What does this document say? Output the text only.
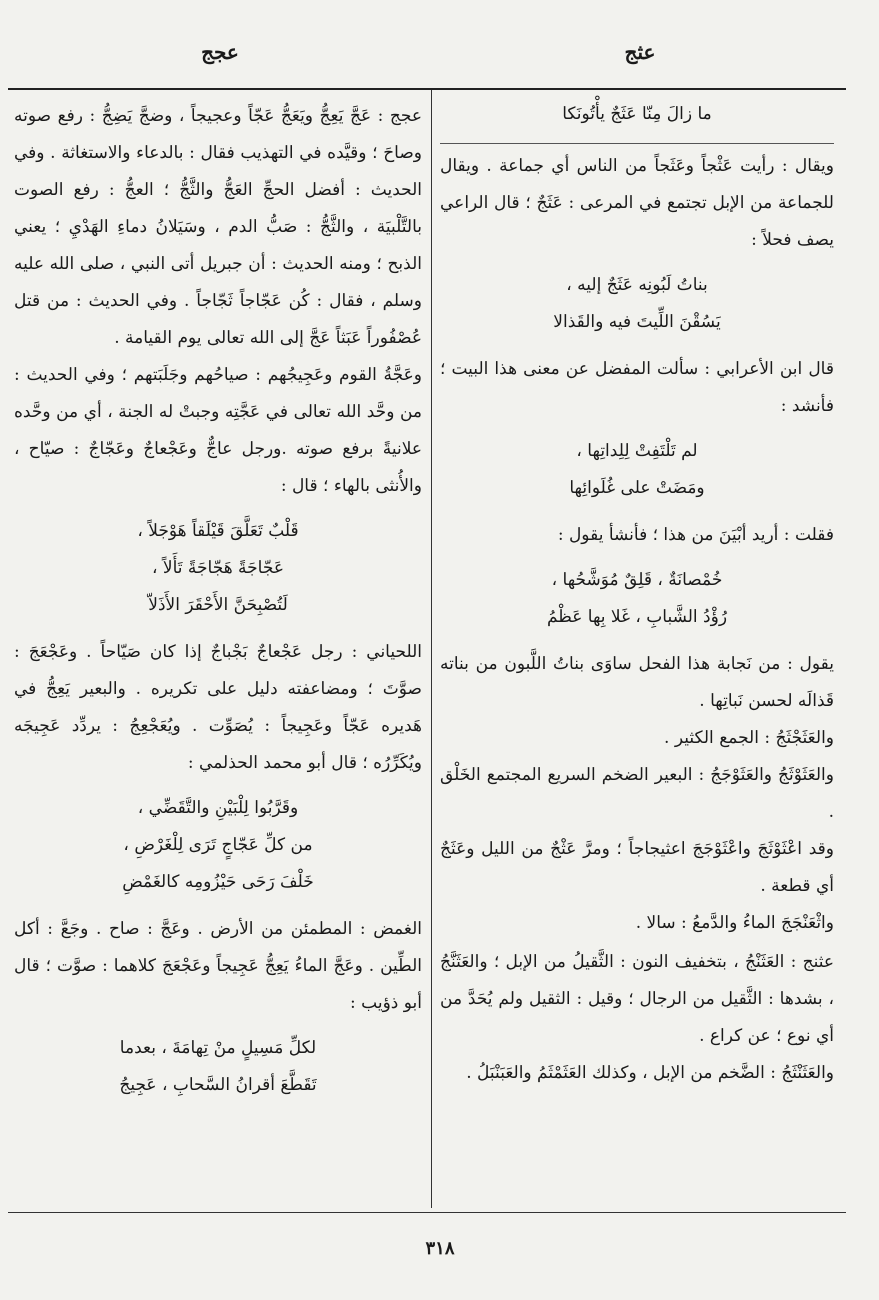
عثج
عجج
ما زالَ مِنّا عَثَجٌ يأْتُونَكا

ويقال : رأيت عَثْجاً وعَثَجاً من الناس أي جماعة . ويقال للجماعة من الإبل تجتمع في المرعى : عَثَجٌ ؛ قال الراعي يصف فحلاً :

بناتُ لَبُونِه عَثَجٌ إليه ،
يَسُقْنَ اللِّيتَ فيه والقَذالا

قال ابن الأعرابي : سألت المفضل عن معنى هذا البيت ؛ فأنشد :

لم تَلْتَفِتْ لِلِداتِها ،
ومَضَتْ على غُلَوائِها

فقلت : أريد أبْيَنَ من هذا ؛ فأنشأ يقول :

خُمْصانَةٌ ، قَلِقٌ مُوَشَّحُها ،
رُؤْدُ الشَّبابِ ، غَلا بِها عَظْمُ

يقول : من نَجابة هذا الفحل ساوَى بناتُ اللَّبون من بناته قَذالَه لحسن نَباتِها .

والعَثَجْثَجُ : الجمع الكثير .

والعَثَوْثَجُ والعَثَوْجَجُ : البعير الضخم السريع المجتمع الخَلْق .

وقد اعْثَوْثَجَ واعْثَوْجَجَ اعثيجاجاً ؛ ومرَّ عَثْجٌ من الليل وعَثَجٌ أي قطعة .

واثْعَنْجَجَ الماءُ والدَّمعُ : سالا .

عثنج : العَثَنْجُ ، بتخفيف النون : الثَّقيلُ من الإبل ؛ والعَثَنَّجُ ، بشدها : الثَّقيل من الرجال ؛ وقيل : الثقيل ولم يُحَدَّ من أي نوع ؛ عن كراع .

والعَثَنْثَجُ : الضَّخم من الإبل ، وكذلك العَثَمْثَمُ والعَبَنْبَلُ .

عجج : عَجَّ يَعِجُّ ويَعَجُّ عَجّاً وعجيجاً ، وضجَّ يَضِجُّ : رفع صوته وصاحَ ؛ وقيَّده في التهذيب فقال : بالدعاء والاستغاثة . وفي الحديث : أفضل الحجِّ العَجُّ والثَّجُّ ؛ العجُّ : رفع الصوت بالتَّلْبيَة ، والثَّجُّ : صَبُّ الدم ، وسَيَلانُ دماءِ الهَدْيِ ؛ يعني الذبح ؛ ومنه الحديث : أن جبريل أتى النبي ، صلى الله عليه وسلم ، فقال : كُن عَجّاجاً ثَجّاجاً . وفي الحديث : من قتل عُصْفُوراً عَبَثاً عَجَّ إلى الله تعالى يوم القيامة .

وعَجَّةُ القوم وعَجِيجُهم : صياحُهم وجَلَبَتهم ؛ وفي الحديث : من وحَّد الله تعالى في عَجَّتِه وجبتْ له الجنة ، أي من وحَّده علانيةً برفع صوته .ورجل عاجٌّ وعَجْعاجٌ وعَجّاجٌ : صيّاح ، والأُنثى بالهاء ؛ قال :

قَلْبٌ تَعَلَّقَ قَيْلَقاً هَوْجَلاً ،
عَجّاجَةً هَجّاجَةً تَأَلاً ،
لَتُصْبِحَنَّ الأَحْقَرَ الأَذَلاّ

اللحياني : رجل عَجْعاجٌ بَجْباجٌ إذا كان صَيّاحاً . وعَجْعَجَ : صوَّتَ ؛ ومضاعفته دليل على تكريره . والبعير يَعِجُّ في هَديره عَجّاً وعَجِيجاً : يُصَوِّت . ويُعَجْعِجُ : يردِّد عَجِيجَه ويُكَرِّرُه ؛ قال أبو محمد الحذلمي :

وقَرَّبُوا لِلْبَيْنِ والتَّقَضِّي ،
من كلِّ عَجّاجٍ تَرَى لِلْغَرْضِ ،
خَلْفَ رَحَى حَيْزُومِه كالغَمْضِ

الغمض : المطمئن من الأرض . وعَجَّ : صاح . وجَعَّ : أكل الطِّين . وعَجَّ الماءُ يَعِجُّ عَجِيجاً وعَجْعَجَ كلاهما : صوَّت ؛ قال أبو ذؤيب :

لكلِّ مَسِيلٍ منْ تِهامَةَ ، بعدما
تَقَطَّعَ أقرانُ السَّحابِ ، عَجِيجُ
٣١٨
